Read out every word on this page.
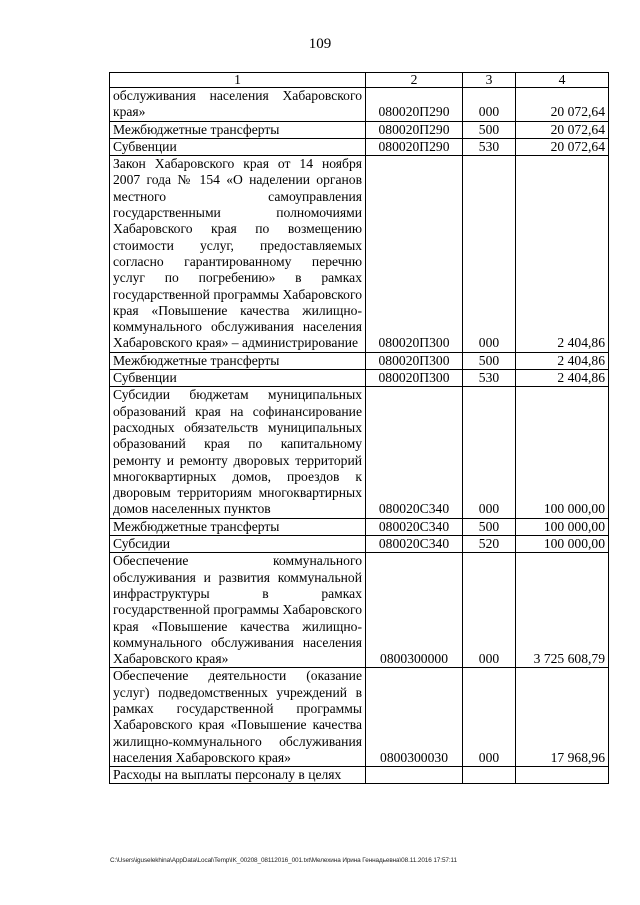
109
1	2	3	4
обслуживания населения Хабаровского края»	080020П290	000	20 072,64
Межбюджетные трансферты	080020П290	500	20 072,64
Субвенции	080020П290	530	20 072,64
Закон Хабаровского края от 14 ноября 2007 года № 154 «О наделении органов местного самоуправления государственными полномочиями Хабаровского края по возмещению стоимости услуг, предоставляемых согласно гарантированному перечню услуг по погребению» в рамках государственной программы Хабаровского края «Повышение качества жилищно-коммунального обслуживания населения Хабаровского края» – администрирование	080020П300	000	2 404,86
Межбюджетные трансферты	080020П300	500	2 404,86
Субвенции	080020П300	530	2 404,86
Субсидии бюджетам муниципальных образований края на софинансирование расходных обязательств муниципальных образований края по капитальному ремонту и ремонту дворовых территорий многоквартирных домов, проездов к дворовым территориям многоквартирных домов населенных пунктов	080020С340	000	100 000,00
Межбюджетные трансферты	080020С340	500	100 000,00
Субсидии	080020С340	520	100 000,00
Обеспечение коммунального обслуживания и развития коммунальной инфраструктуры в рамках государственной программы Хабаровского края «Повышение качества жилищно-коммунального обслуживания населения Хабаровского края»	0800300000	000	3 725 608,79
Обеспечение деятельности (оказание услуг) подведомственных учреждений в рамках государственной программы Хабаровского края «Повышение качества жилищно-коммунального обслуживания населения Хабаровского края»	0800300030	000	17 968,96
Расходы на выплаты персоналу в целях			
C:\Users\iguselekhina\AppData\Local\Temp\IK_00208_08112016_001.txt\Мелехина Ирина Геннадьевна\08.11.2016 17:57:11
